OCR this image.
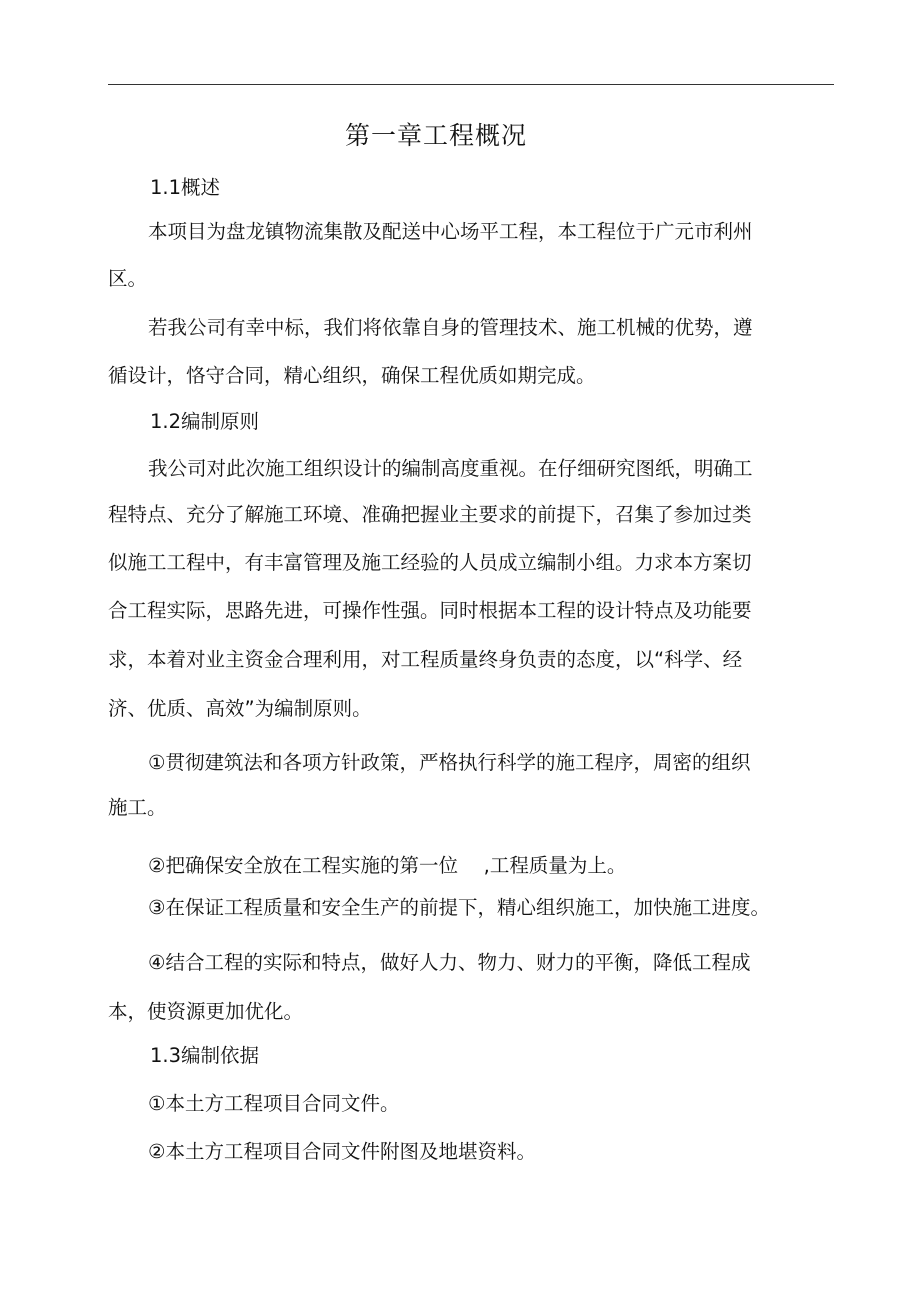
第一章工程概况
1.1概述
本项目为盘龙镇物流集散及配送中心场平工程，本工程位于广元市利州
区。
若我公司有幸中标，我们将依靠自身的管理技术、施工机械的优势，遵
循设计，恪守合同，精心组织，确保工程优质如期完成。
1.2编制原则
我公司对此次施工组织设计的编制高度重视。在仔细研究图纸，明确工
程特点、充分了解施工环境、准确把握业主要求的前提下，召集了参加过类
似施工工程中，有丰富管理及施工经验的人员成立编制小组。力求本方案切
合工程实际，思路先进，可操作性强。同时根据本工程的设计特点及功能要
求，本着对业主资金合理利用，对工程质量终身负责的态度，以“科学、经
济、优质、高效”为编制原则。
①贯彻建筑法和各项方针政策，严格执行科学的施工程序，周密的组织
施工。
②把确保安全放在工程实施的第一位　 ,工程质量为上。
③在保证工程质量和安全生产的前提下，精心组织施工，加快施工进度。
④结合工程的实际和特点，做好人力、物力、财力的平衡，降低工程成
本，使资源更加优化。
1.3编制依据
①本土方工程项目合同文件。
②本土方工程项目合同文件附图及地堪资料。
